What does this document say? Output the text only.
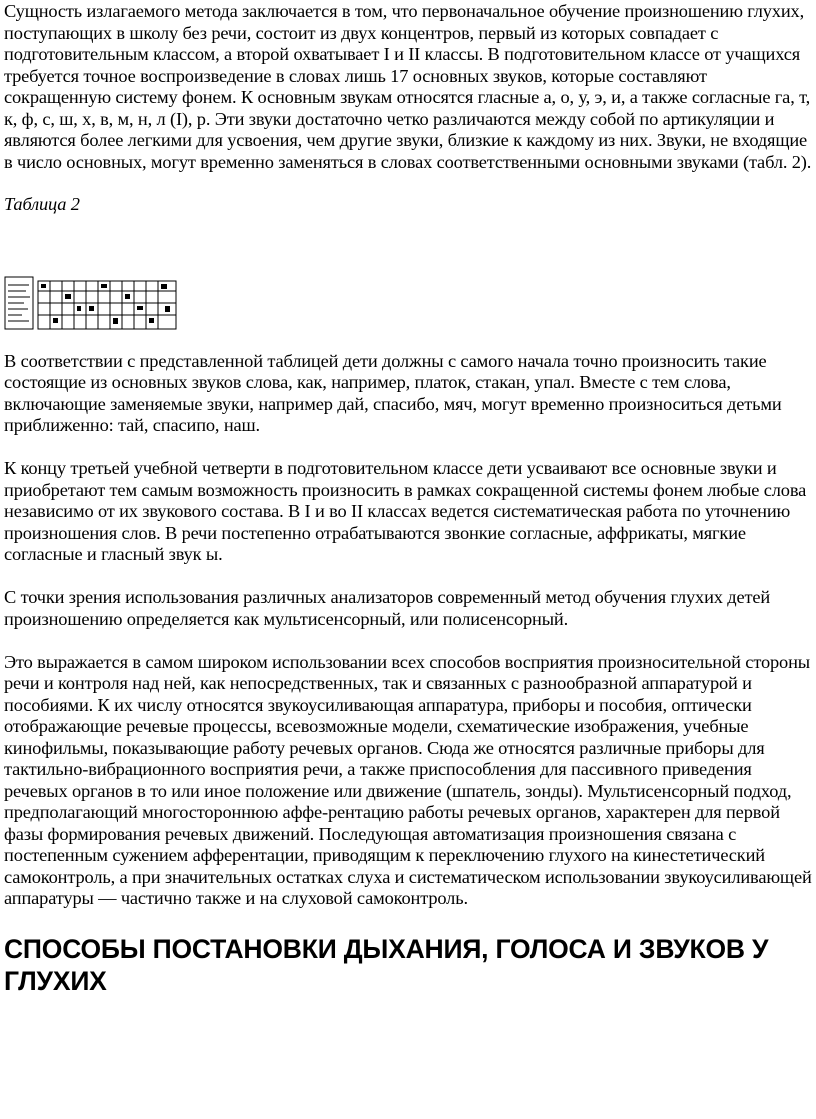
Сущность излагаемого метода заключается в том, что первоначальное обучение произношению глухих, поступающих в школу без речи, состоит из двух концентров, первый из которых совпадает с подготовительным классом, а второй охватывает I и II классы. В подготовительном классе от учащихся требуется точное воспроизведение в словах лишь 17 основных звуков, которые составляют сокращенную систему фонем. К основным звукам относятся гласные а, о, у, э, и, а также согласные га, т, к, ф, с, ш, х, в, м, н, л (I), р. Эти звуки достаточно четко различаются между собой по артикуляции и являются более легкими для усвоения, чем другие звуки, близкие к каждому из них. Звуки, не входящие в число основных, могут временно заменяться в словах соответственными основными звуками (табл. 2).

Таблица 2

В соответствии с представленной таблицей дети должны с самого начала точно произносить такие состоящие из основных звуков слова, как, например, платок, стакан, упал. Вместе с тем слова, включающие заменяемые звуки, например дай, спасибо, мяч, могут временно произноситься детьми приближенно: тай, спасипо, наш.

К концу третьей учебной четверти в подготовительном классе дети усваивают все основные звуки и приобретают тем самым возможность произносить в рамках сокращенной системы фонем любые слова независимо от их звукового состава. В I и во II классах ведется систематическая работа по уточнению произношения слов. В речи постепенно отрабатываются звонкие согласные, аффрикаты, мягкие согласные и гласный звук ы.

С точки зрения использования различных анализаторов современный метод обучения глухих детей произношению определяется как мультисенсорный, или полисенсорный.

Это выражается в самом широком использовании всех способов восприятия произносительной стороны речи и контроля над ней, как непосредственных, так и связанных с разнообразной аппаратурой и пособиями. К их числу относятся звукоусиливающая аппаратура, приборы и пособия, оптически отображающие речевые процессы, всевозможные модели, схематические изображения, учебные кинофильмы, показывающие работу речевых органов. Сюда же относятся различные приборы для тактильно-вибрационного восприятия речи, а также приспособления для пассивного приведения речевых органов в то или иное положение или движение (шпатель, зонды). Мультисенсорный подход, предполагающий многостороннюю аффе-рентацию работы речевых органов, характерен для первой фазы формирования речевых движений. Последующая автоматизация произношения связана с постепенным сужением афферентации, приводящим к переключению глухого на кинестетический самоконтроль, а при значительных остатках слуха и систематическом использовании звукоусиливающей аппаратуры — частично также и на слуховой самоконтроль.

СПОСОБЫ ПОСТАНОВКИ ДЫХАНИЯ, ГОЛОСА И ЗВУКОВ У ГЛУХИХ
